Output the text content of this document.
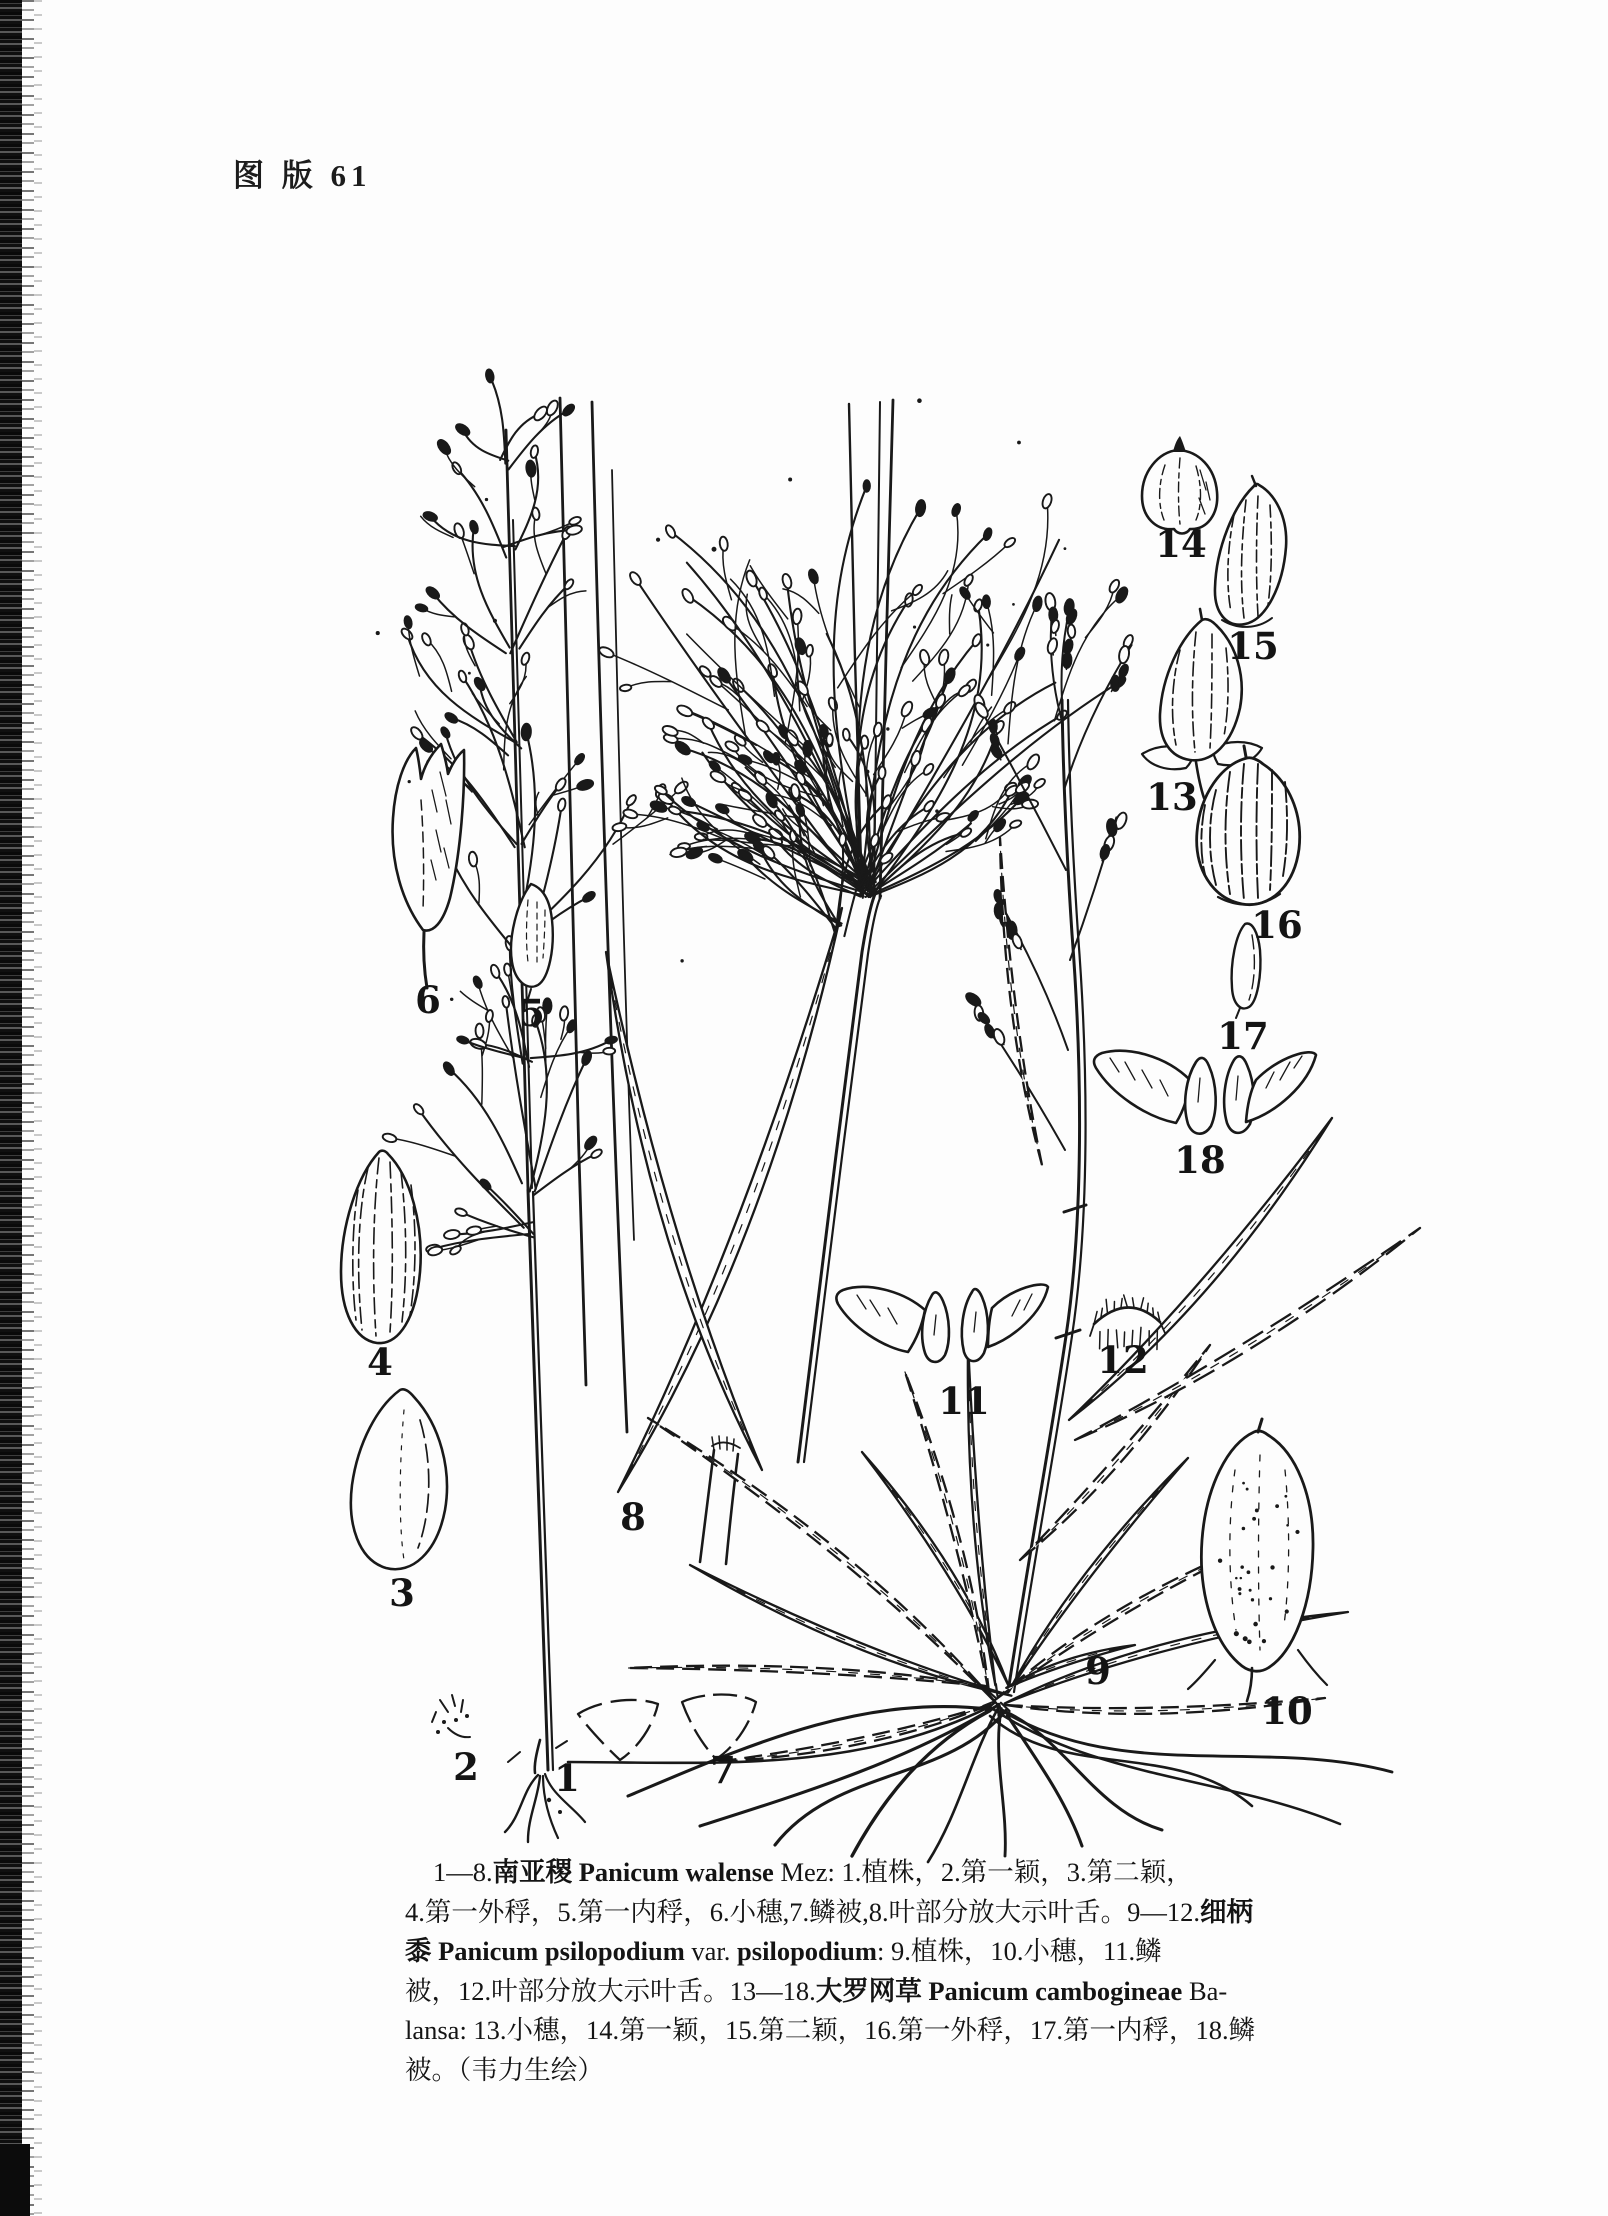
图 版 61
1
2
3
4
5
6
7
8
9
10
11
12
13
14
15
16
17
18
1—8.南亚稷 Panicum walense Mez: 1.植株，2.第一颖，3.第二颖，
4.第一外稃，5.第一内稃，6.小穗,7.鳞被,8.叶部分放大示叶舌。9—12.细柄
黍 Panicum psilopodium var. psilopodium: 9.植株，10.小穗，11.鳞
被，12.叶部分放大示叶舌。13—18.大罗网草 Panicum cambogineae Ba-
lansa: 13.小穗，14.第一颖，15.第二颖，16.第一外稃，17.第一内稃，18.鳞
被。（韦力生绘）
